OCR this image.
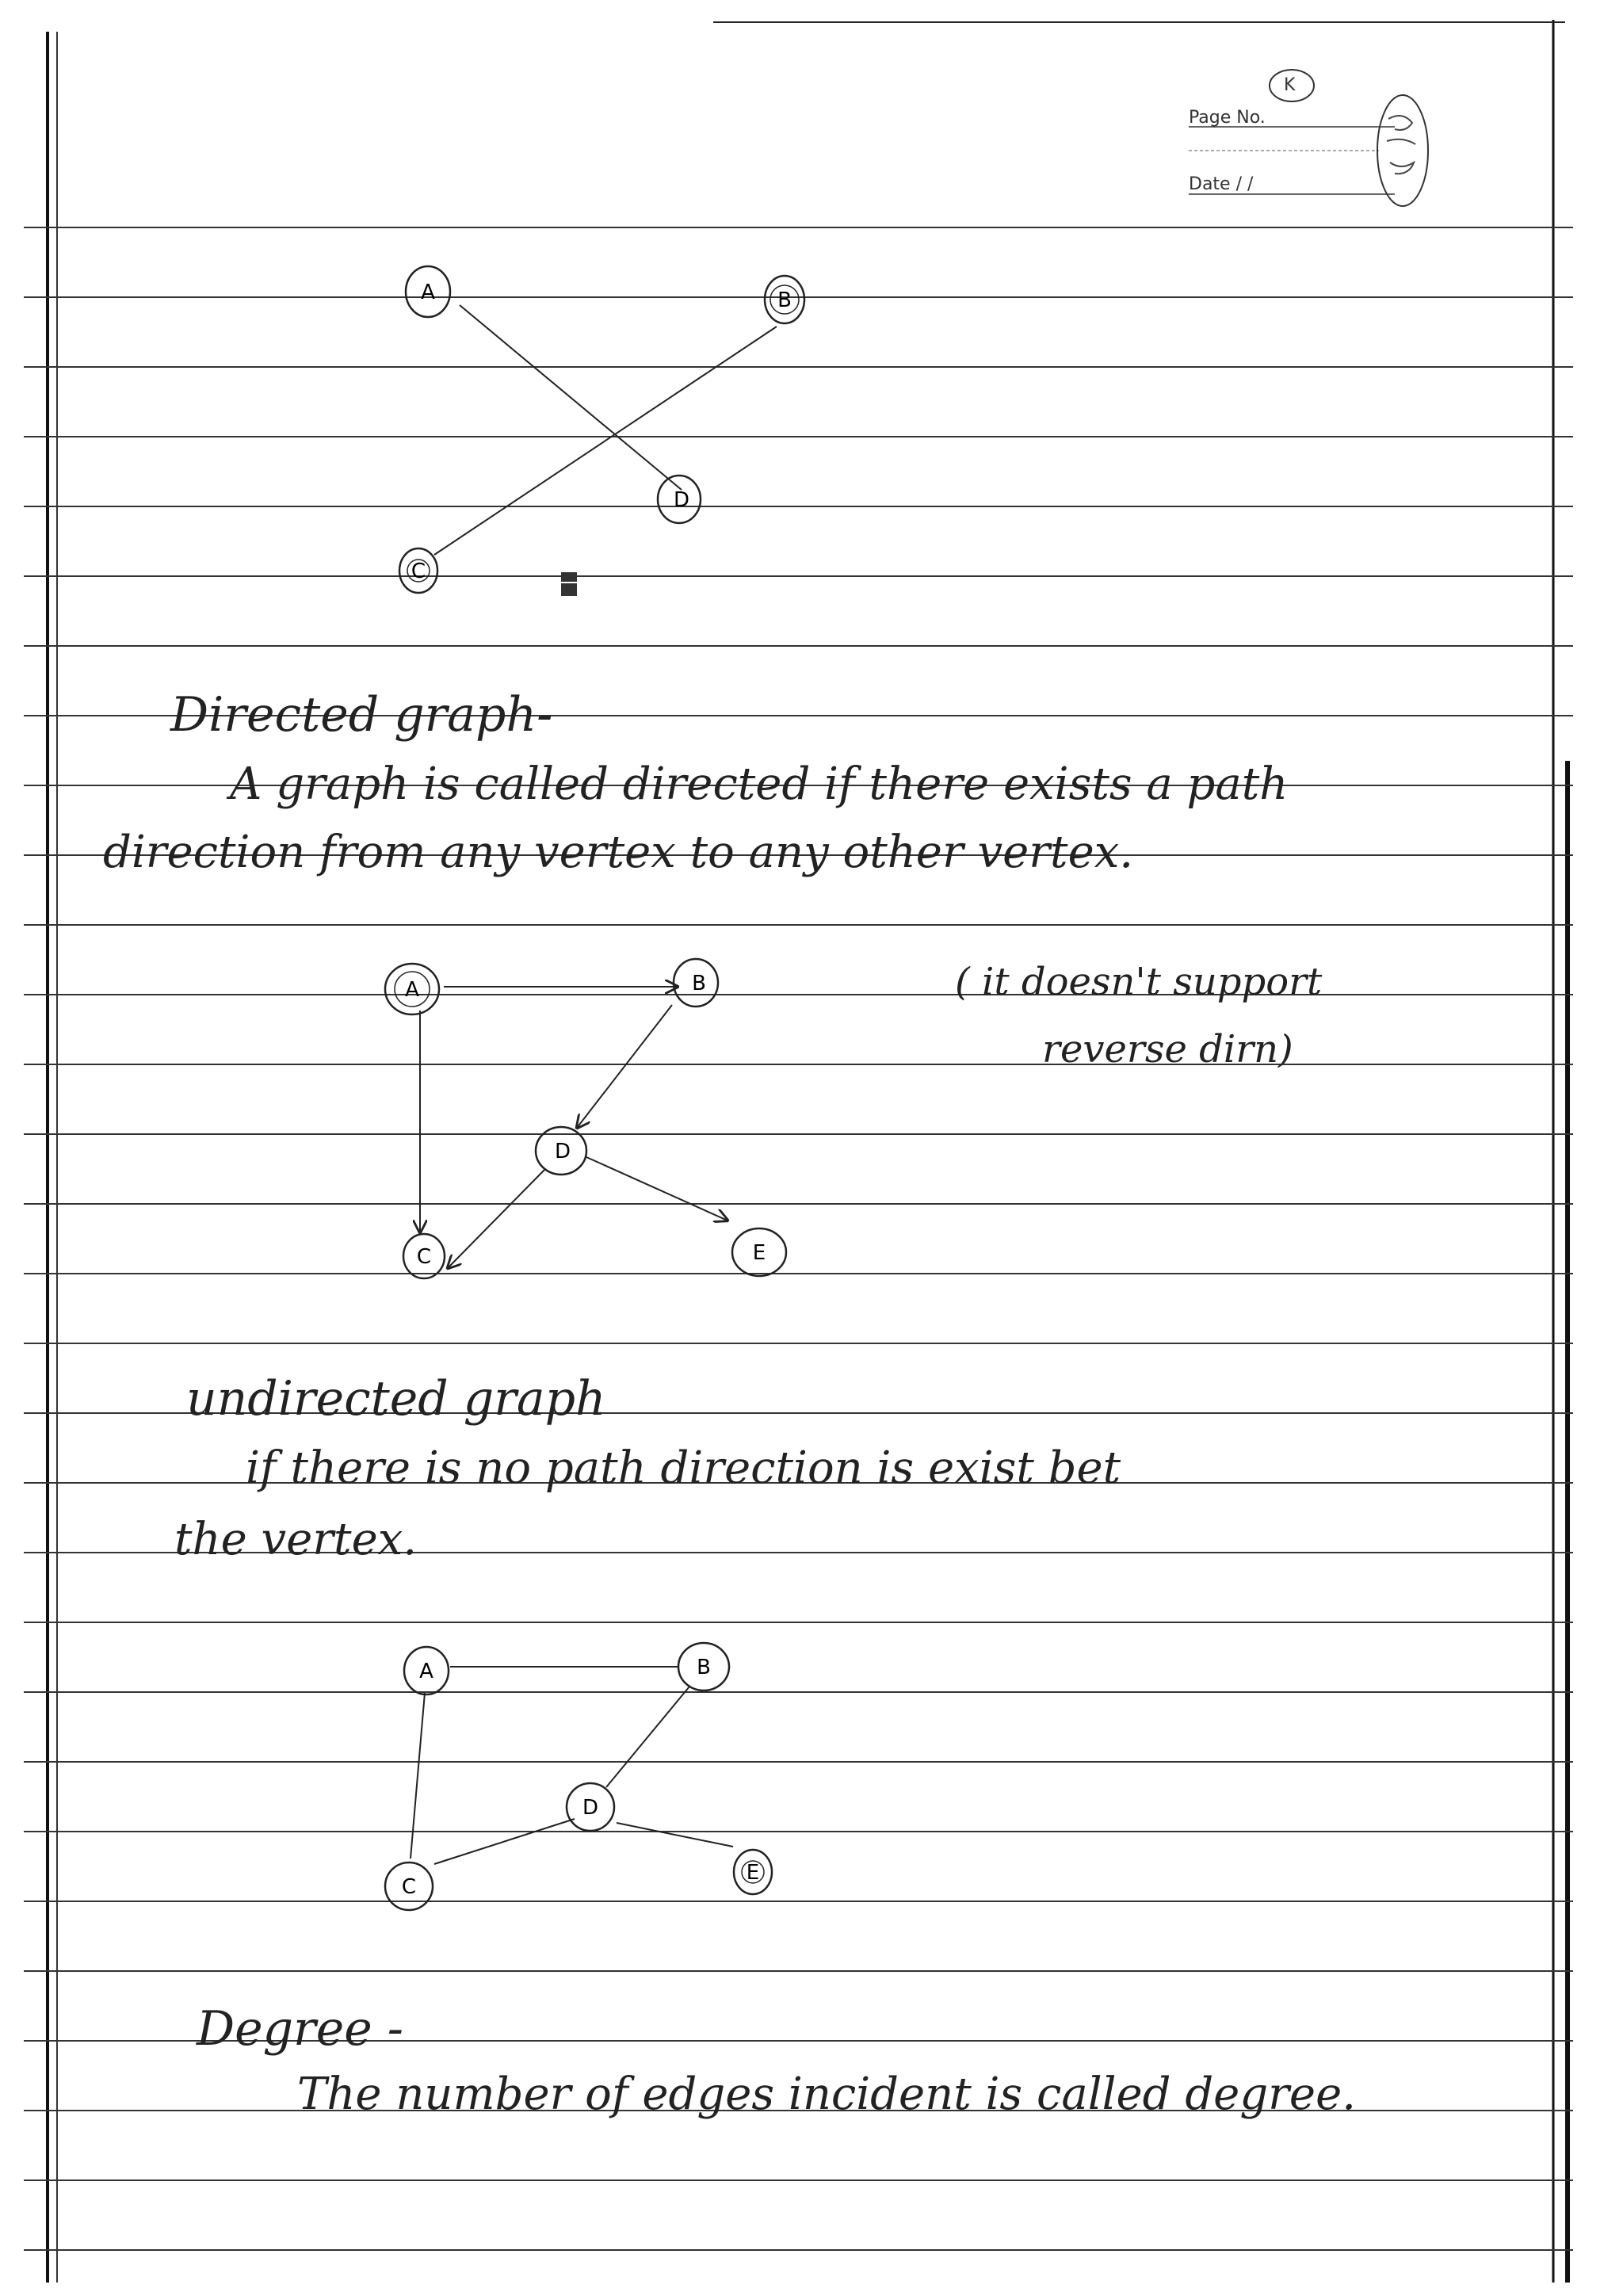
A	B
D
C
A	B
D
C	E
A	B
D
C
E
K
Page No.
Date / /
Directed graph-
A graph is called directed if there exists a path
direction from any vertex to any other vertex.
( it doesn't support
reverse dirn)
undirected graph
if there is no path direction is exist bet
the vertex.
Degree -
The number of edges incident is called degree.
